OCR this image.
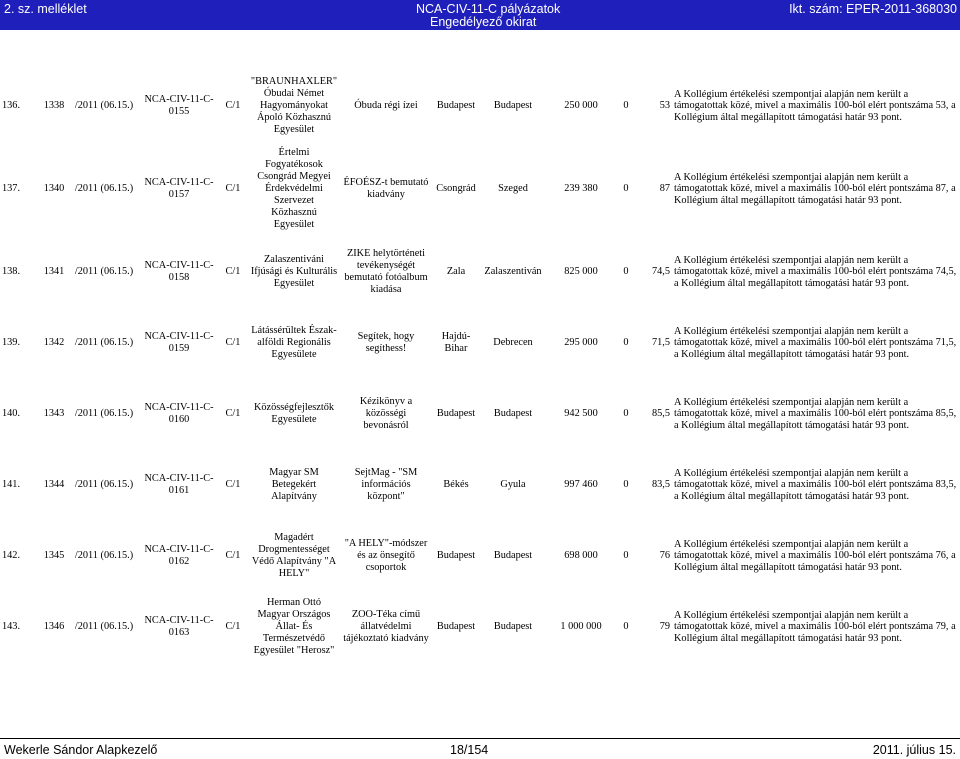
2. sz. melléklet	NCA-CIV-11-C pályázatok
Engedélyező okirat
Ikt. szám: EPER-2011-368030
136.	1338	/2011 (06.15.)	NCA-CIV-11-C-0155	C/1	"BRAUNHAXLER" Óbudai Német Hagyományokat Ápoló Közhasznú Egyesület	Óbuda régi ízei	Budapest	Budapest	250 000	0	53	A Kollégium értékelési szempontjai alapján nem került a támogatottak közé, mivel a maximális 100-ból elért pontszáma 53, a Kollégium által megállapított támogatási határ 93 pont.

137.	1340	/2011 (06.15.)	NCA-CIV-11-C-0157	C/1	Értelmi Fogyatékosok Csongrád Megyei Érdekvédelmi Szervezet Közhasznú Egyesület	ÉFOÉSZ-t bemutató kiadvány	Csongrád	Szeged	239 380	0	87	A Kollégium értékelési szempontjai alapján nem került a támogatottak közé, mivel a maximális 100-ból elért pontszáma 87, a Kollégium által megállapított támogatási határ 93 pont.

138.	1341	/2011 (06.15.)	NCA-CIV-11-C-0158	C/1	Zalaszentiváni Ifjúsági és Kulturális Egyesület	ZIKE helytörténeti tevékenységét bemutató fotóalbum kiadása	Zala	Zalaszentiván	825 000	0	74,5	A Kollégium értékelési szempontjai alapján nem került a támogatottak közé, mivel a maximális 100-ból elért pontszáma 74,5, a Kollégium által megállapított támogatási határ 93 pont.

139.	1342	/2011 (06.15.)	NCA-CIV-11-C-0159	C/1	Látássérültek Észak-alföldi Regionális Egyesülete	Segítek, hogy segíthess!	Hajdú-Bihar	Debrecen	295 000	0	71,5	A Kollégium értékelési szempontjai alapján nem került a támogatottak közé, mivel a maximális 100-ból elért pontszáma 71,5, a Kollégium által megállapított támogatási határ 93 pont.

140.	1343	/2011 (06.15.)	NCA-CIV-11-C-0160	C/1	Közösségfejlesztők Egyesülete	Kézikönyv a közösségi bevonásról	Budapest	Budapest	942 500	0	85,5	A Kollégium értékelési szempontjai alapján nem került a támogatottak közé, mivel a maximális 100-ból elért pontszáma 85,5, a Kollégium által megállapított támogatási határ 93 pont.

141.	1344	/2011 (06.15.)	NCA-CIV-11-C-0161	C/1	Magyar SM Betegekért Alapítvány	SejtMag - "SM információs központ"	Békés	Gyula	997 460	0	83,5	A Kollégium értékelési szempontjai alapján nem került a támogatottak közé, mivel a maximális 100-ból elért pontszáma 83,5, a Kollégium által megállapított támogatási határ 93 pont.

142.	1345	/2011 (06.15.)	NCA-CIV-11-C-0162	C/1	Magadért Drogmentességet Védő Alapítvány "A HELY"	"A HELY"-módszer és az önsegítő csoportok	Budapest	Budapest	698 000	0	76	A Kollégium értékelési szempontjai alapján nem került a támogatottak közé, mivel a maximális 100-ból elért pontszáma 76, a Kollégium által megállapított támogatási határ 93 pont.

143.	1346	/2011 (06.15.)	NCA-CIV-11-C-0163	C/1	Herman Ottó Magyar Országos Állat- És Természetvédő Egyesület "Herosz"	ZOO-Téka című állatvédelmi tájékoztató kiadvány	Budapest	Budapest	1 000 000	0	79	A Kollégium értékelési szempontjai alapján nem került a támogatottak közé, mivel a maximális 100-ból elért pontszáma 79, a Kollégium által megállapított támogatási határ 93 pont.
Wekerle Sándor Alapkezelő	18/154	2011. július 15.
